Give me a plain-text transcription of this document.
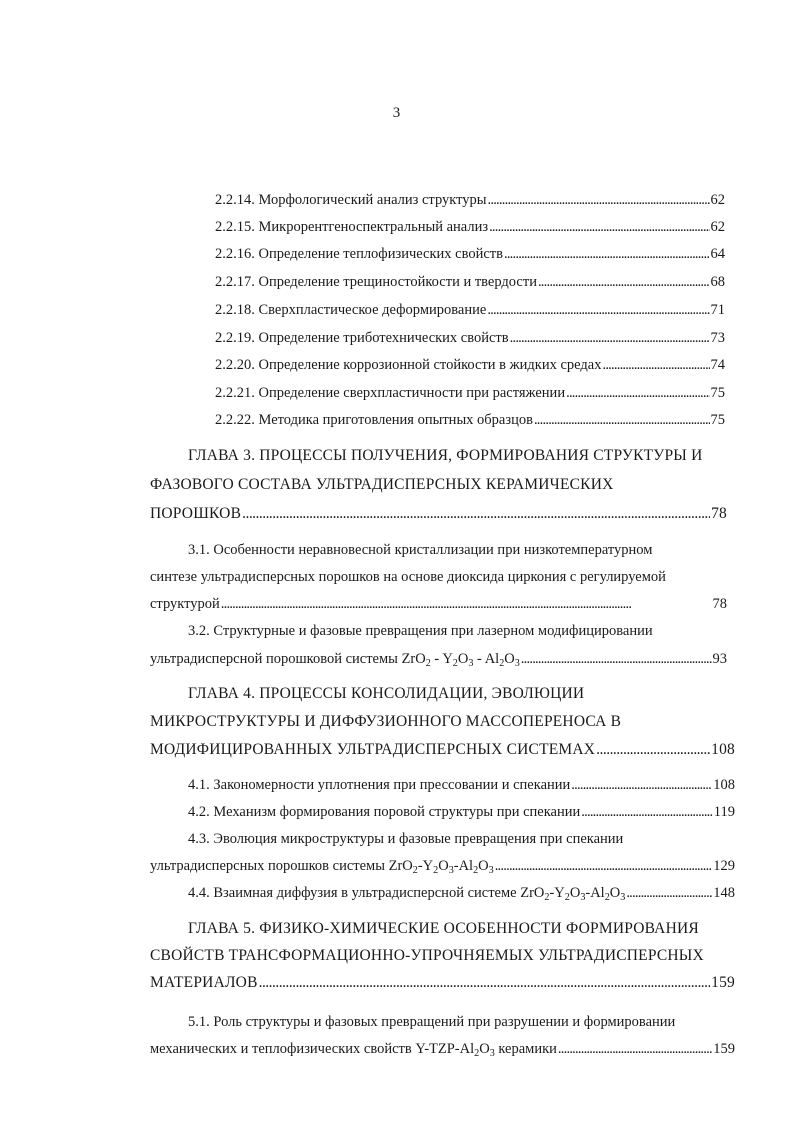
3
2.2.14. Морфологический анализ структуры . . .	62
2.2.15. Микрорентгеноспектральный анализ . . .	62
2.2.16. Определение теплофизических свойств . . .	64
2.2.17. Определение трещиностойкости и твердости . . .	68
2.2.18. Сверхпластическое деформирование . . .	71
2.2.19. Определение триботехнических свойств . . .	73
2.2.20. Определение коррозионной стойкости в жидких средах . . .	74
2.2.21. Определение сверхпластичности при растяжении . . .	75
2.2.22. Методика приготовления опытных образцов . . .	75
ГЛАВА 3. ПРОЦЕССЫ ПОЛУЧЕНИЯ, ФОРМИРОВАНИЯ СТРУКТУРЫ И
ФАЗОВОГО СОСТАВА УЛЬТРАДИСПЕРСНЫХ КЕРАМИЧЕСКИХ
ПОРОШКОВ . . .	78
3.1. Особенности неравновесной кристаллизации при низкотемпературном
синтезе ультрадисперсных порошков на основе диоксида циркония с регулируемой
структурой . . .	78
3.2. Структурные и фазовые превращения при лазерном модифицировании
ультрадисперсной порошковой системы $ZrO_2 - Y_2O_3 - Al_2O_3$ . . .	93
ГЛАВА 4. ПРОЦЕССЫ КОНСОЛИДАЦИИ, ЭВОЛЮЦИИ
МИКРОСТРУКТУРЫ И ДИФФУЗИОННОГО МАССОПЕРЕНОСА В
МОДИФИЦИРОВАННЫХ УЛЬТРАДИСПЕРСНЫХ СИСТЕМАХ . . .	108
4.1. Закономерности уплотнения при прессовании и спекании . . .	108
4.2. Механизм формирования поровой структуры при спекании . . .	119
4.3. Эволюция микроструктуры и фазовые превращения при спекании
ультрадисперсных порошков системы $ZrO_2-Y_2O_3-Al_2O_3$ . . .	129
4.4. Взаимная диффузия в ультрадисперсной системе $ZrO_2-Y_2O_3-Al_2O_3$ . . .	148
ГЛАВА 5. ФИЗИКО-ХИМИЧЕСКИЕ ОСОБЕННОСТИ ФОРМИРОВАНИЯ
СВОЙСТВ ТРАНСФОРМАЦИОННО-УПРОЧНЯЕМЫХ УЛЬТРАДИСПЕРСНЫХ
МАТЕРИАЛОВ . . .	159
5.1. Роль структуры и фазовых превращений при разрушении и формировании
механических и теплофизических свойств $Y-TZP-Al_2O_3$ керамики . . .	159
